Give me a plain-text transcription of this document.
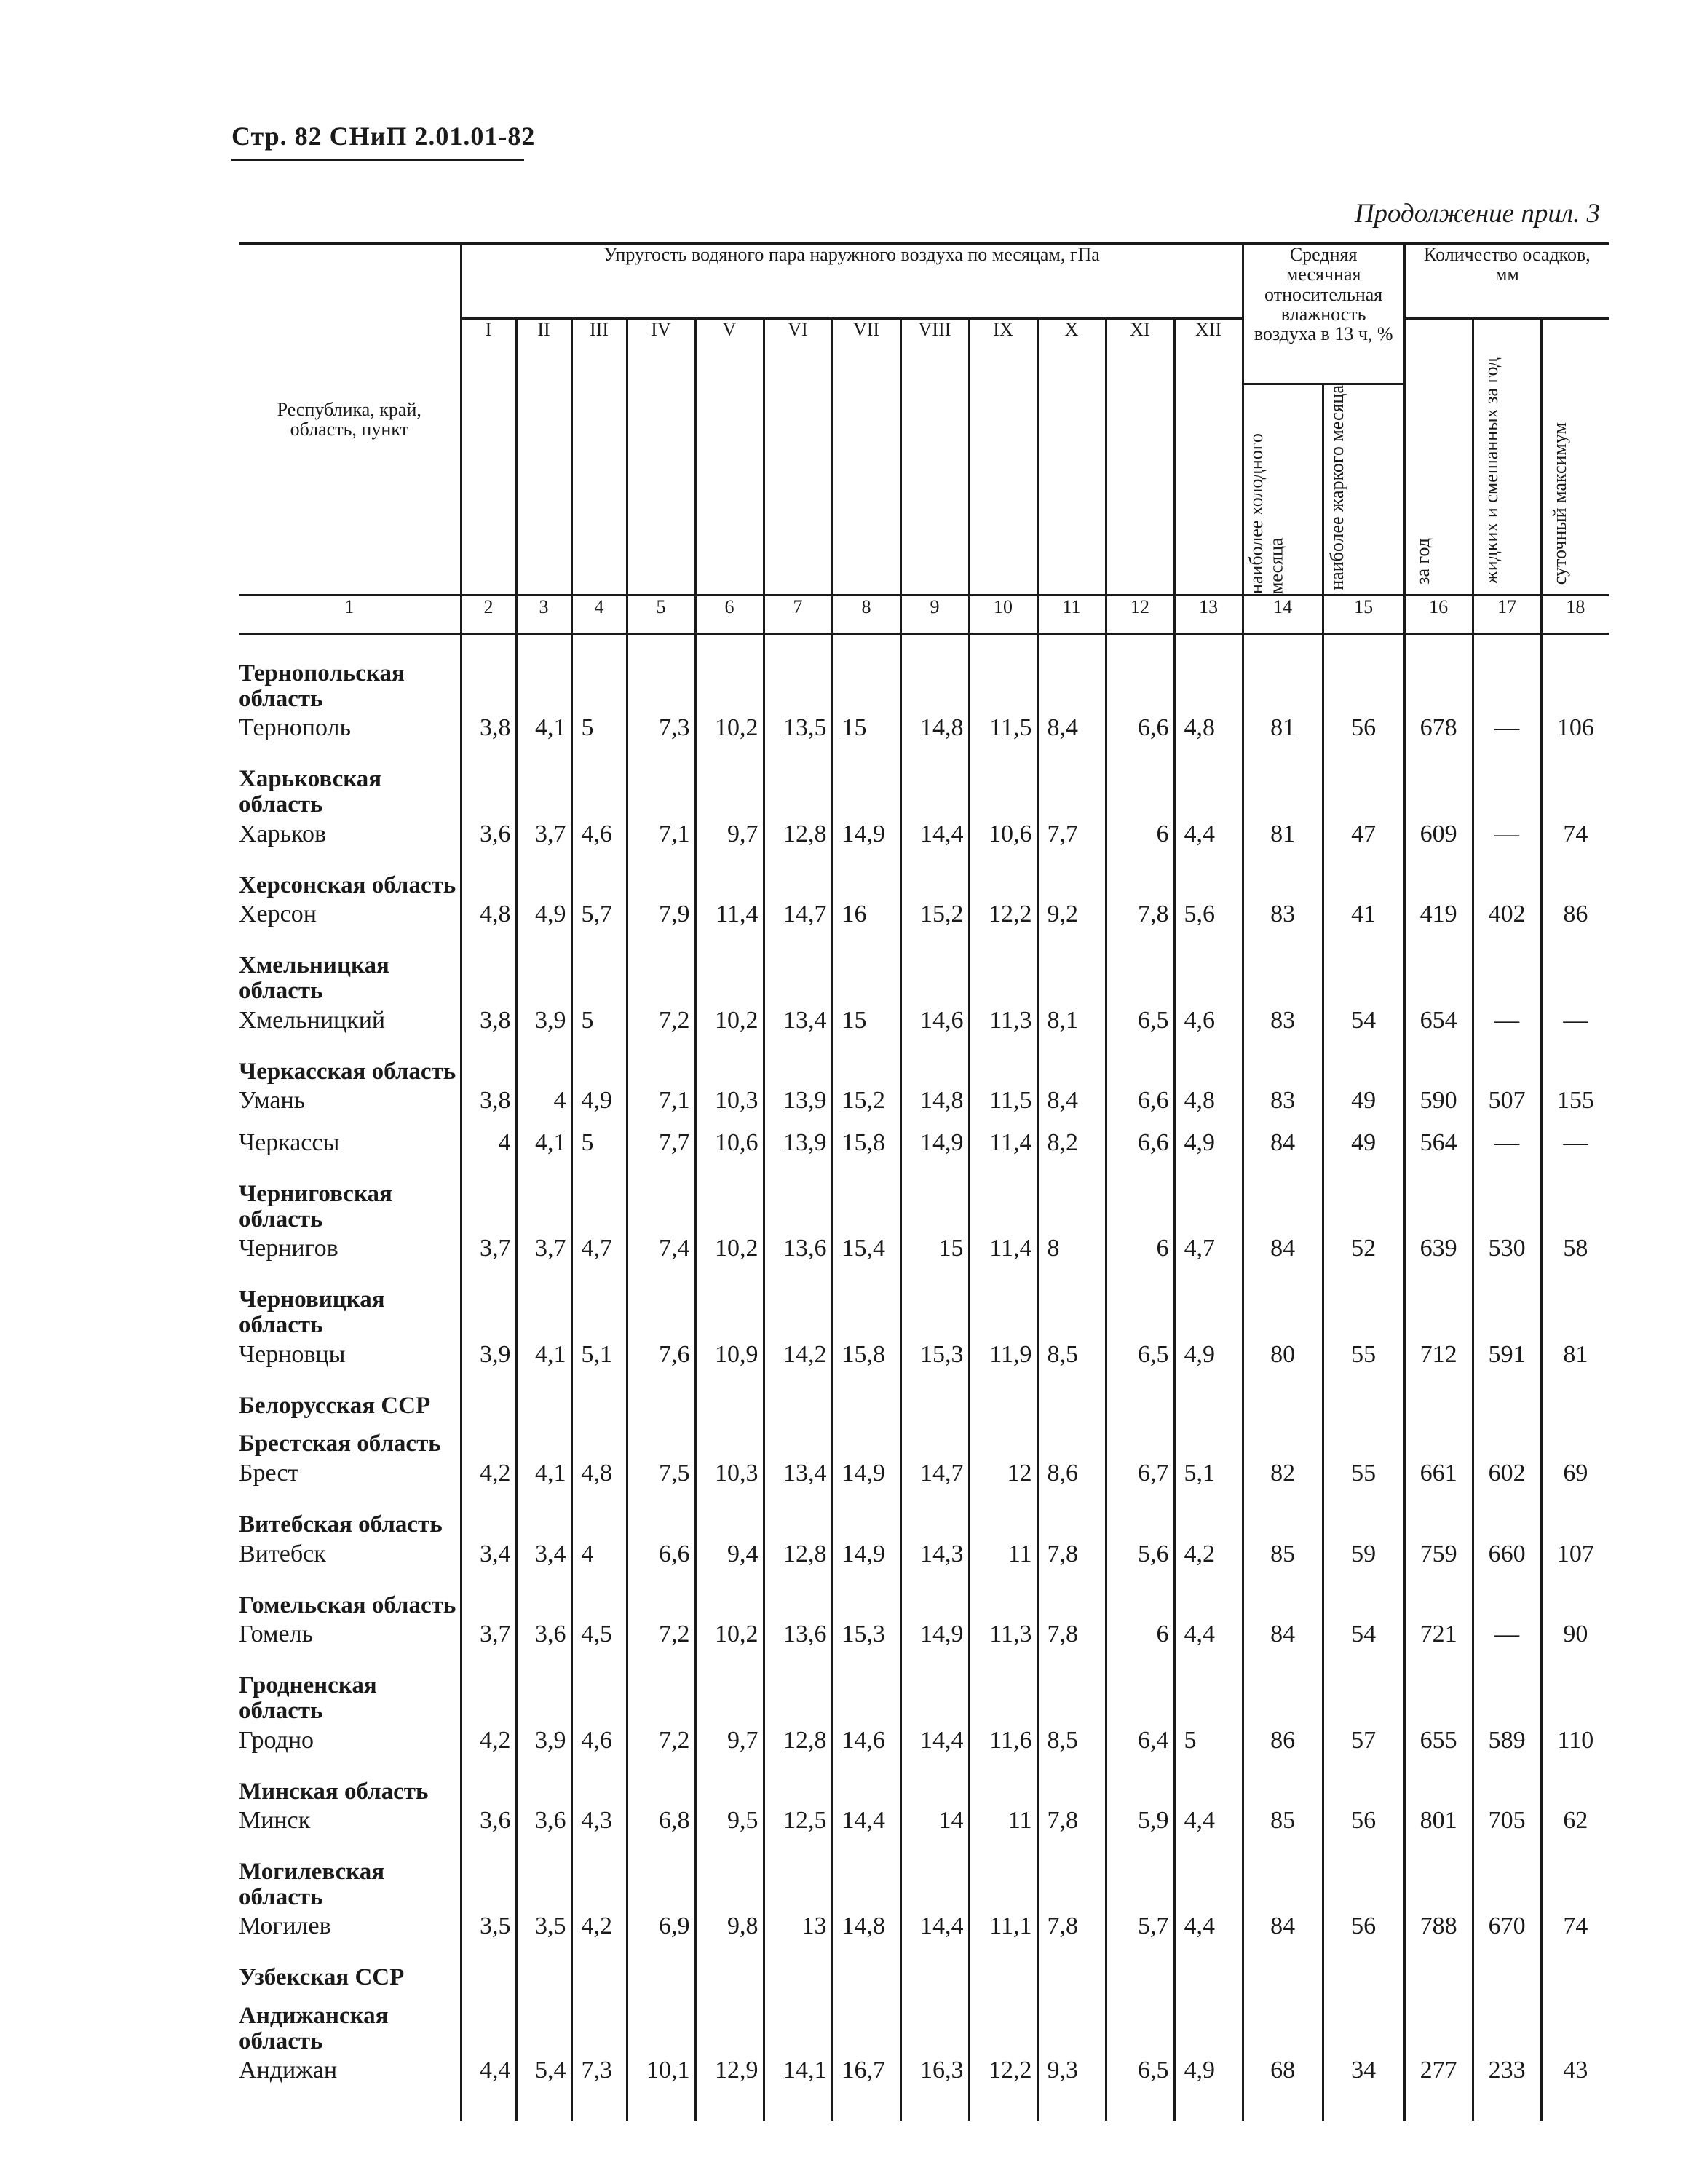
Стр. 82 СНиП 2.01.01-82
Продолжение прил. 3
Республика, край, область, пункт	Упругость водяного пара наружного воздуха по месяцам, гПа												Средняя месячная относительная влажность воздуха в 13 ч, %		Количество осадков, мм		

	I	II	III	IV	V	VI	VII	VIII	IX	X	XI	XII			за год	жидких и смешанных за год	суточный максимум
													наиболее холодного месяца	наиболее жаркого месяца			
1	2	3	4	5	6	7	8	9	10	11	12	13	14	15	16	17	18

Тернопольская область																	
Тернополь	3,8	4,1	5	7,3	10,2	13,5	15	14,8	11,5	8,4	6,6	4,8	81	56	678	—	106
Харьковская область																	
Харьков	3,6	3,7	4,6	7,1	9,7	12,8	14,9	14,4	10,6	7,7	6	4,4	81	47	609	—	74
Херсонская область																	
Херсон	4,8	4,9	5,7	7,9	11,4	14,7	16	15,2	12,2	9,2	7,8	5,6	83	41	419	402	86
Хмельницкая область																	
Хмельницкий	3,8	3,9	5	7,2	10,2	13,4	15	14,6	11,3	8,1	6,5	4,6	83	54	654	—	—
Черкасская область																	
Умань	3,8	4	4,9	7,1	10,3	13,9	15,2	14,8	11,5	8,4	6,6	4,8	83	49	590	507	155
Черкассы	4	4,1	5	7,7	10,6	13,9	15,8	14,9	11,4	8,2	6,6	4,9	84	49	564	—	—
Черниговская область																	
Чернигов	3,7	3,7	4,7	7,4	10,2	13,6	15,4	15	11,4	8	6	4,7	84	52	639	530	58
Черновицкая область																	
Черновцы	3,9	4,1	5,1	7,6	10,9	14,2	15,8	15,3	11,9	8,5	6,5	4,9	80	55	712	591	81
Белорусская ССР																	
Брестская область																	
Брест	4,2	4,1	4,8	7,5	10,3	13,4	14,9	14,7	12	8,6	6,7	5,1	82	55	661	602	69
Витебская область																	
Витебск	3,4	3,4	4	6,6	9,4	12,8	14,9	14,3	11	7,8	5,6	4,2	85	59	759	660	107
Гомельская область																	
Гомель	3,7	3,6	4,5	7,2	10,2	13,6	15,3	14,9	11,3	7,8	6	4,4	84	54	721	—	90
Гродненская область																	
Гродно	4,2	3,9	4,6	7,2	9,7	12,8	14,6	14,4	11,6	8,5	6,4	5	86	57	655	589	110
Минская область																	
Минск	3,6	3,6	4,3	6,8	9,5	12,5	14,4	14	11	7,8	5,9	4,4	85	56	801	705	62
Могилевская область																	
Могилев	3,5	3,5	4,2	6,9	9,8	13	14,8	14,4	11,1	7,8	5,7	4,4	84	56	788	670	74
Узбекская ССР																	
Андижанская область																	
Андижан	4,4	5,4	7,3	10,1	12,9	14,1	16,7	16,3	12,2	9,3	6,5	4,9	68	34	277	233	43
